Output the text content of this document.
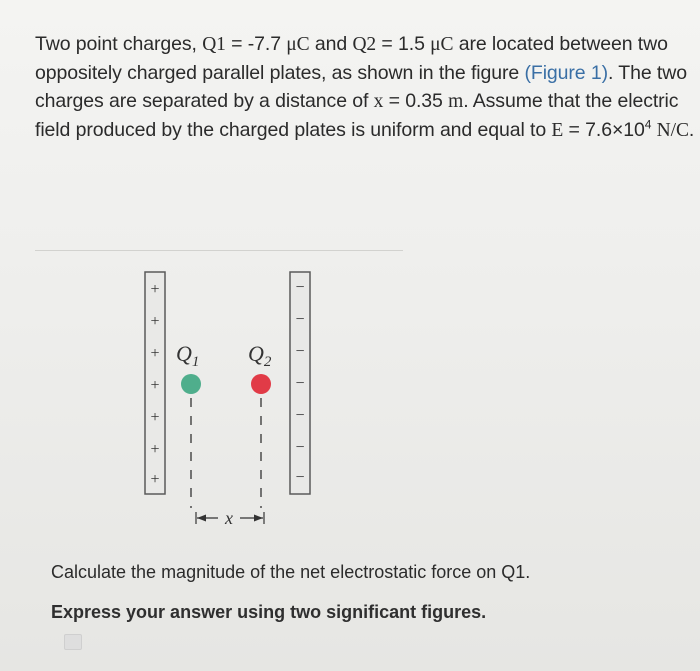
Two point charges, Q1 = -7.7 μC and Q2 = 1.5 μC are located between two oppositely charged parallel plates, as shown in the figure (Figure 1). The two charges are separated by a distance of x = 0.35 m. Assume that the electric field produced by the charged plates is uniform and equal to $E = 7.6\times 10^4$ N/C.
+
+
+
+
+
+
+
−
−
−
−
−
−
−
$Q_1$ $Q_2$
x
Calculate the magnitude of the net electrostatic force on Q1.
Express your answer using two significant figures.
